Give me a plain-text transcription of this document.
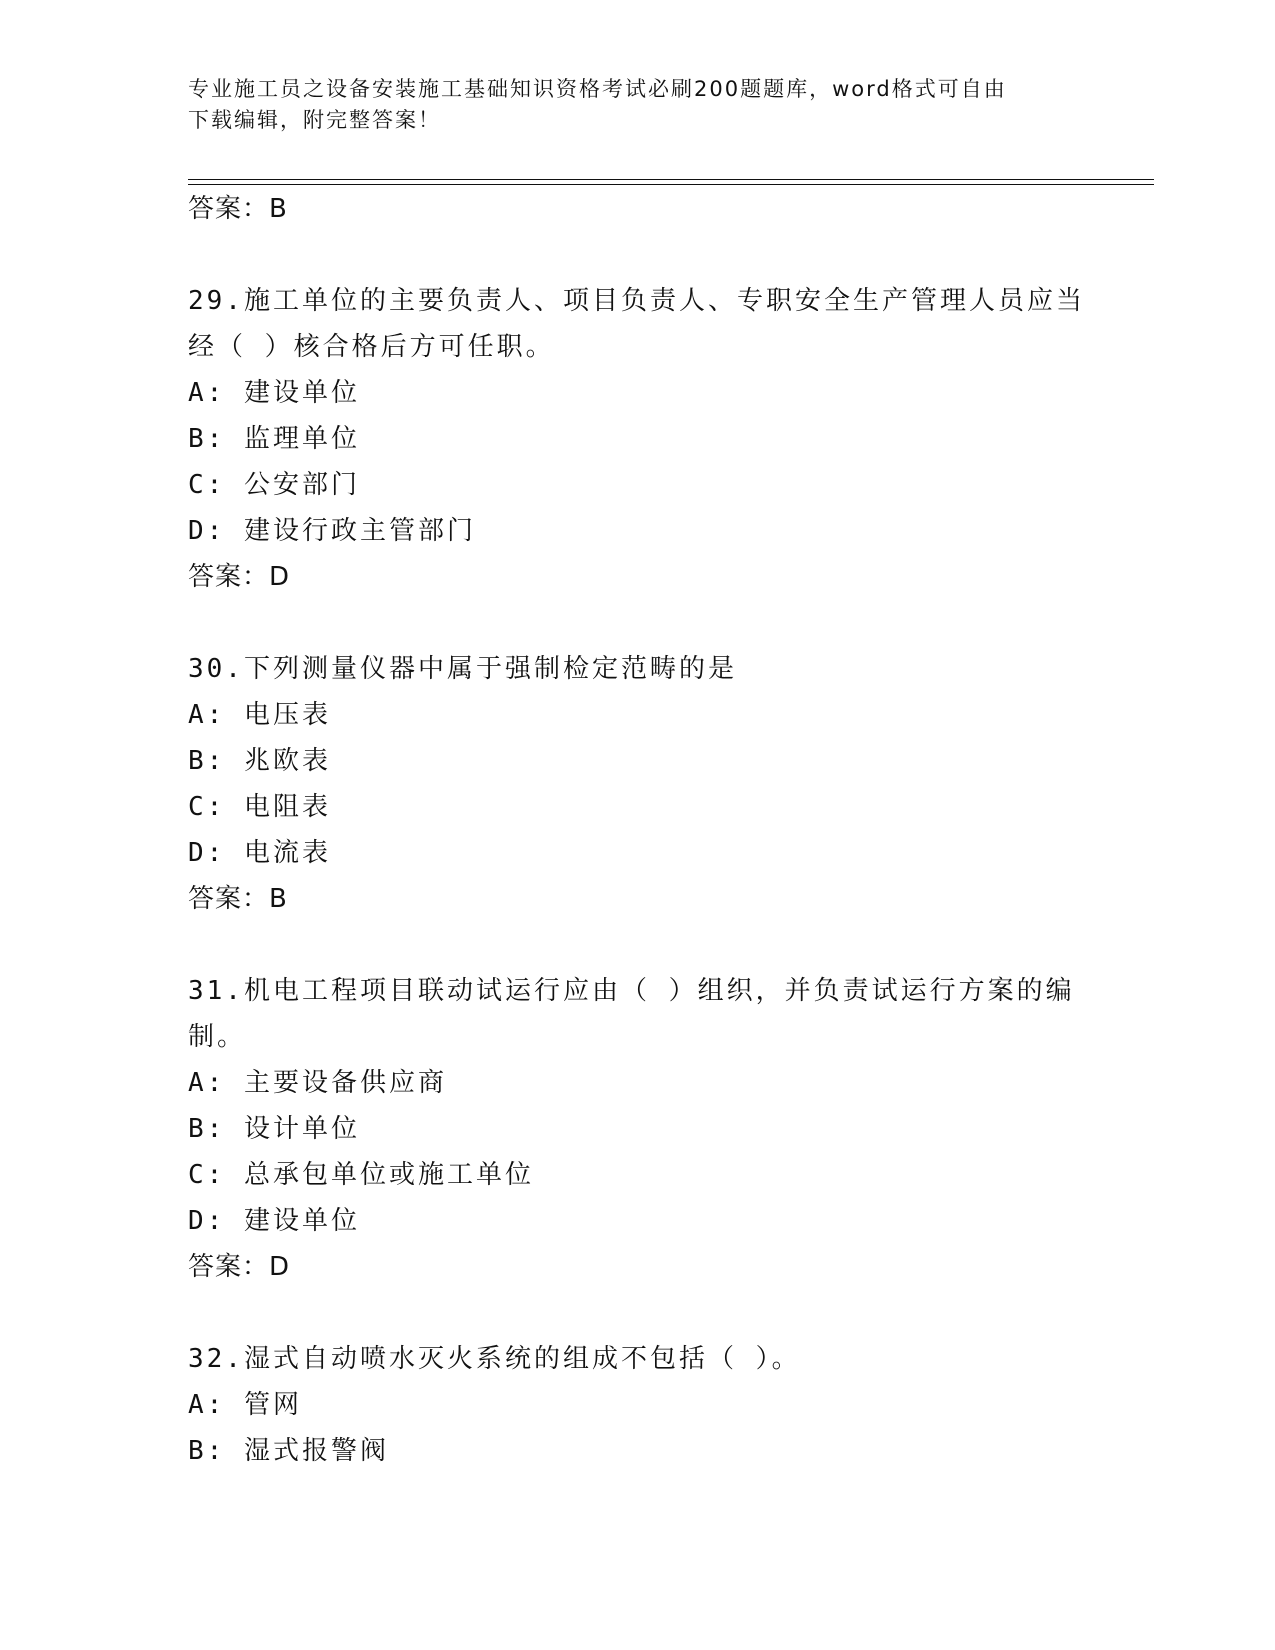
专业施工员之设备安装施工基础知识资格考试必刷200题题库，word格式可自由
下载编辑，附完整答案！
答案：B
29.施工单位的主要负责人、项目负责人、专职安全生产管理人员应当
经（ ）核合格后方可任职。
A: 建设单位
B: 监理单位
C: 公安部门
D: 建设行政主管部门
答案：D
30.下列测量仪器中属于强制检定范畴的是
A: 电压表
B: 兆欧表
C: 电阻表
D: 电流表
答案：B
31.机电工程项目联动试运行应由（ ）组织，并负责试运行方案的编
制。
A: 主要设备供应商
B: 设计单位
C: 总承包单位或施工单位
D: 建设单位
答案：D
32.湿式自动喷水灭火系统的组成不包括（ ）。
A: 管网
B: 湿式报警阀
